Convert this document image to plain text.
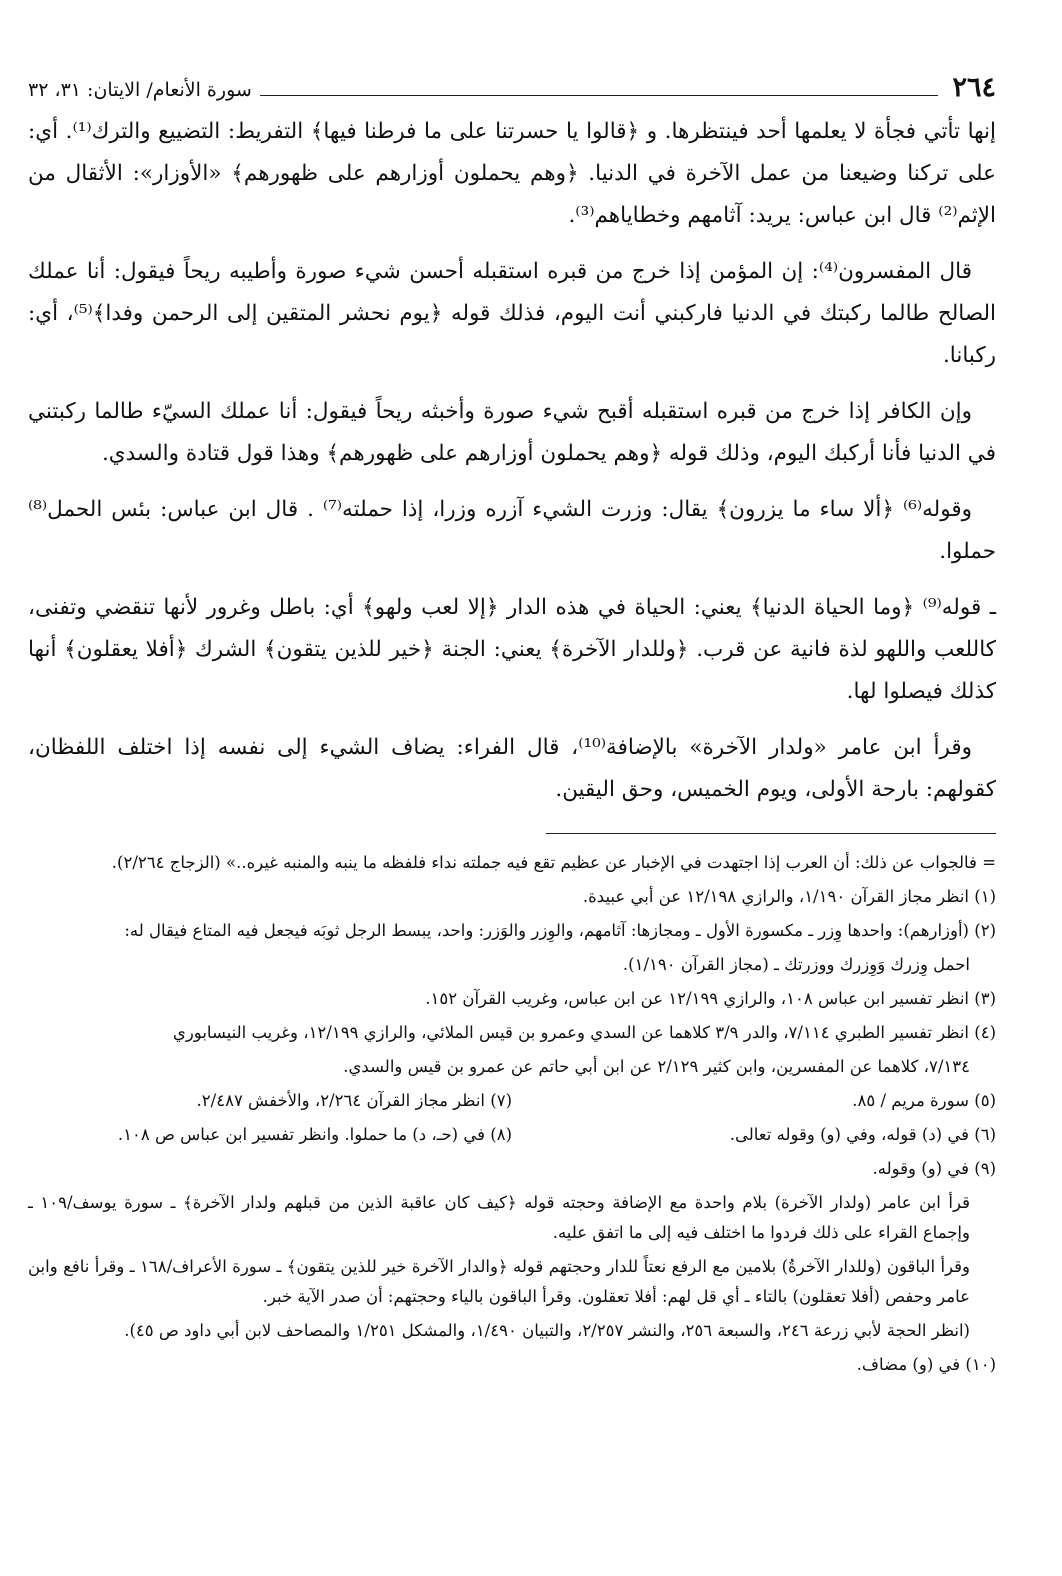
٢٦٤
سورة الأنعام/ الايتان: ٣١، ٣٢

إنها تأتي فجأة لا يعلمها أحد فينتظرها. و ﴿قالوا يا حسرتنا على ما فرطنا فيها﴾ التفريط: التضييع والترك⁽¹⁾. أي: على تركنا وضيعنا من عمل الآخرة في الدنيا. ﴿وهم يحملون أوزارهم على ظهورهم﴾ «الأوزار»: الأثقال من الإثم⁽²⁾ قال ابن عباس: يريد: آثامهم وخطاياهم⁽³⁾.

قال المفسرون⁽⁴⁾: إن المؤمن إذا خرج من قبره استقبله أحسن شيء صورة وأطيبه ريحاً فيقول: أنا عملك الصالح طالما ركبتك في الدنيا فاركبني أنت اليوم، فذلك قوله ﴿يوم نحشر المتقين إلى الرحمن وفدا﴾⁽⁵⁾، أي: ركبانا.

وإن الكافر إذا خرج من قبره استقبله أقبح شيء صورة وأخبثه ريحاً فيقول: أنا عملك السيّء طالما ركبتني في الدنيا فأنا أركبك اليوم، وذلك قوله ﴿وهم يحملون أوزارهم على ظهورهم﴾ وهذا قول قتادة والسدي.

وقوله⁽⁶⁾ ﴿ألا ساء ما يزرون﴾ يقال: وزرت الشيء آزره وزرا، إذا حملته⁽⁷⁾ . قال ابن عباس: بئس الحمل⁽⁸⁾ حملوا.

ـ قوله⁽⁹⁾ ﴿وما الحياة الدنيا﴾ يعني: الحياة في هذه الدار ﴿إلا لعب ولهو﴾ أي: باطل وغرور لأنها تنقضي وتفنى، كاللعب واللهو لذة فانية عن قرب. ﴿وللدار الآخرة﴾ يعني: الجنة ﴿خير للذين يتقون﴾ الشرك ﴿أفلا يعقلون﴾ أنها كذلك فيصلوا لها.

وقرأ ابن عامر «ولدار الآخرة» بالإضافة⁽¹⁰⁾، قال الفراء: يضاف الشيء إلى نفسه إذا اختلف اللفظان، كقولهم: بارحة الأولى، ويوم الخميس، وحق اليقين.

= فالجواب عن ذلك: أن العرب إذا اجتهدت في الإخبار عن عظيم تقع فيه جملته نداء فلفظه ما ينبه والمنبه غيره..» (الزجاج ٢/٢٦٤).

(١) انظر مجاز القرآن ١/١٩٠، والرازي ١٢/١٩٨ عن أبي عبيدة.

(٢) (أوزارهم): واحدها وِزر ـ مكسورة الأول ـ ومجازها: آثامهم، والوِزر والوَزر: واحد، يبسط الرجل ثوبَه فيجعل فيه المتاع فيقال له:

احمل وِزرك وَوِزرك ووزرتك ـ (مجاز القرآن ١/١٩٠).

(٣) انظر تفسير ابن عباس ١٠٨، والرازي ١٢/١٩٩ عن ابن عباس، وغريب القرآن ١٥٢.

(٤) انظر تفسير الطبري ٧/١١٤، والدر ٣/٩ كلاهما عن السدي وعمرو بن قيس الملائي، والرازي ١٢/١٩٩، وغريب النيسابوري

٧/١٣٤، كلاهما عن المفسرين، وابن كثير ٢/١٢٩ عن ابن أبي حاتم عن عمرو بن قيس والسدي.

(٥) سورة مريم / ٨٥.
(٧) انظر مجاز القرآن ٢/٢٦٤، والأخفش ٢/٤٨٧.
(٦) في (د) قوله، وفي (و) وقوله تعالى.
(٨) في (حـ، د) ما حملوا. وانظر تفسير ابن عباس ص ١٠٨.

(٩) في (و) وقوله.

قرأ ابن عامر (ولدار الآخرة) بلام واحدة مع الإضافة وحجته قوله ﴿كيف كان عاقبة الذين من قبلهم ولدار الآخرة﴾ ـ سورة يوسف/١٠٩ ـ وإجماع القراء على ذلك فردوا ما اختلف فيه إلى ما اتفق عليه.

وقرأ الباقون (وللدار الآخرةُ) بلامين مع الرفع نعتاً للدار وحجتهم قوله ﴿والدار الآخرة خير للذين يتقون﴾ ـ سورة الأعراف/١٦٨ ـ وقرأ نافع وابن عامر وحفص (أفلا تعقلون) بالتاء ـ أي قل لهم: أفلا تعقلون. وقرأ الباقون بالياء وحجتهم: أن صدر الآية خبر.

(انظر الحجة لأبي زرعة ٢٤٦، والسبعة ٢٥٦، والنشر ٢/٢٥٧، والتبيان ١/٤٩٠، والمشكل ١/٢٥١ والمصاحف لابن أبي داود ص ٤٥).

(١٠) في (و) مضاف.
